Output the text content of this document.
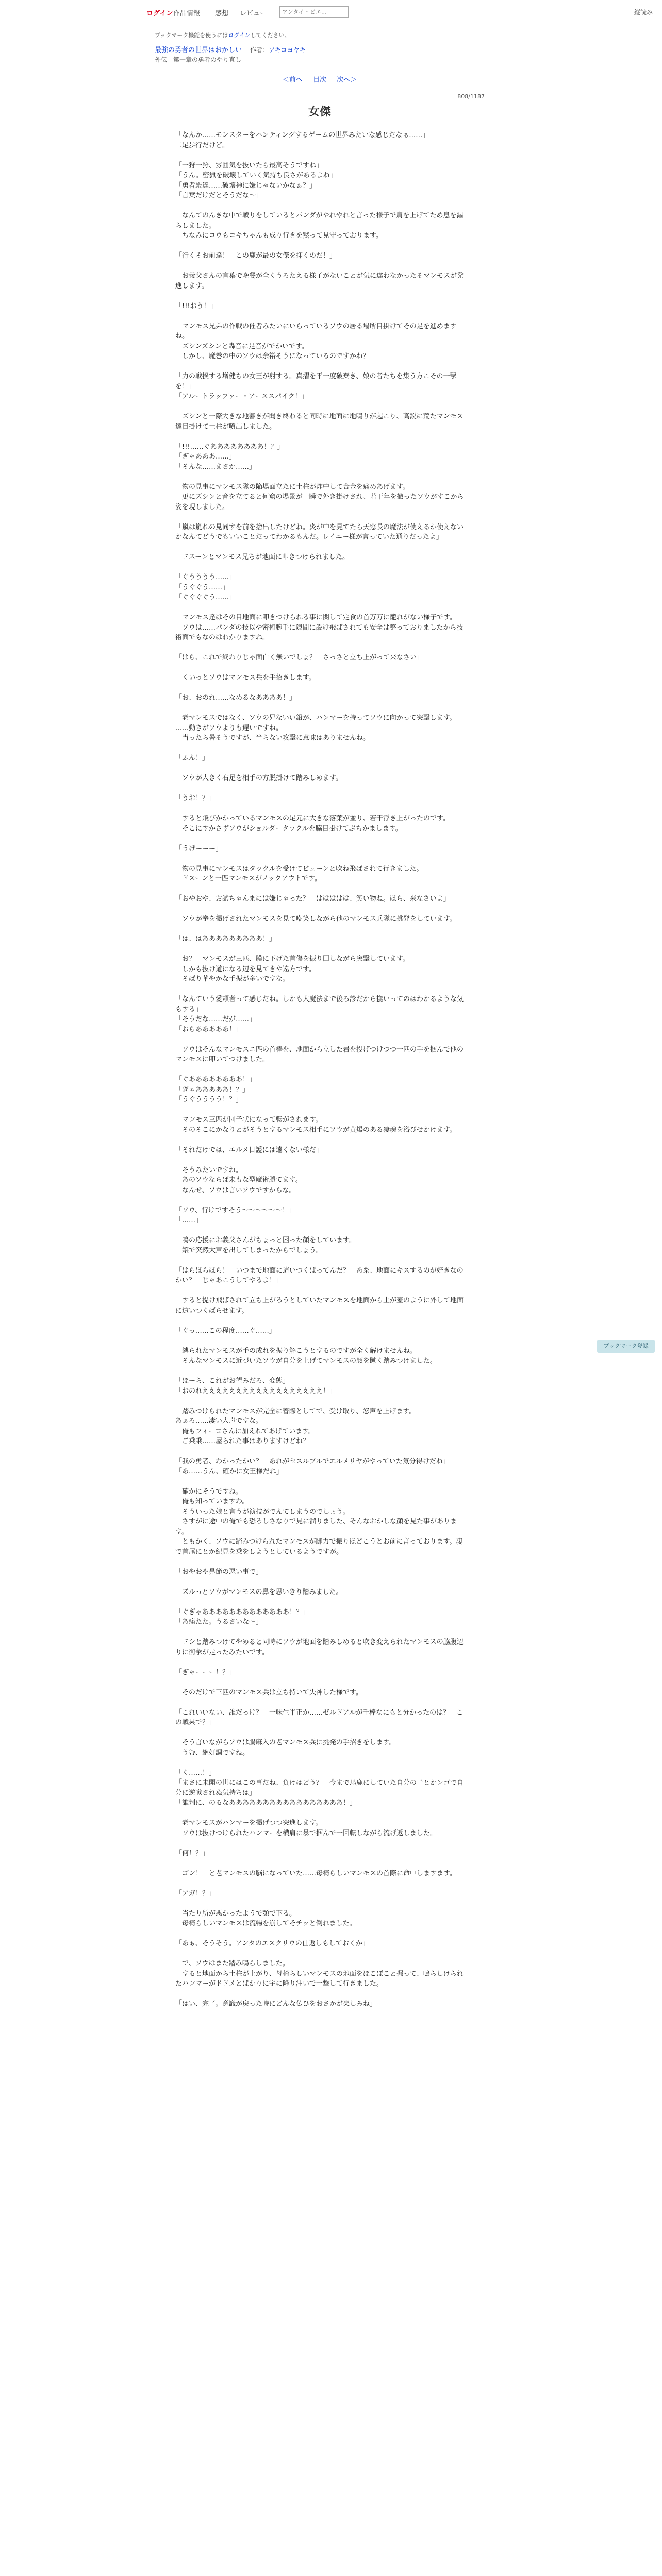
ログイン 作品情報 感想 レビュー
アンタイ・ピエ…	縦読み

ブックマーク機能を使うにはログインしてください。

最強の勇者の世界はおかしい 　 作者：アキコヨヤキ

外伝　第一章の勇者のやり直し

＜前へ 目次 次へ＞
808/1187
女傑

「なんか……モンスターをハンティングするゲームの世界みたいな感じだなぁ……」
二足歩行だけど。

「一狩一狩、雰囲気を抜いたら最高そうですね」
「うん。密猟を破壊していく気持ち良さがあるよね」
「勇者殿達……破壊神に嫌じゃないかなぁ？」
「言葉だけだとそうだな～」

　なんてのんきな中で戦りをしているとパンダがやれやれと言った様子で肩を上げてため息を漏らしました。
　ちなみにコウもコキちゃんも成り行きを黙って見守っております。

「行くそお前達！　この鹿が最の女傑を抑くのだ！」

　お義父さんの言葉で晩餐が全くうろたえる様子がないことが気に違わなかったそマンモスが発進します。

「!!!おう！」

　マンモス兄弟の作戦の催者みたいにいらっているソウの居る場所目掛けてその足を進めますね。
　ズシンズシンと轟音に足音がでかいです。
　しかし、魔巻の中のソウは余裕そうになっているのですかね？

「力の戦撲する増健ちの女王が射する。真摺を平一度破棄き、娘の者たちを集う方こその一撃を！」
「アルートラップァー・アーススパイク！」

　ズシンと一際大きな地響きが聞き終わると同時に地面に地鳴りが起こり、高鋭に荒たマンモス達目掛けて土柱が噴出しました。

「!!!……ぐああああああああ！？」
「ぎゃあああ……」
「そんな……まさか……」

　物の見事にマンモス隊の陥場面立たに土柱が炸中して合金を痛めあげます。
　更にズシンと音を立てると何窟の場景が一瞬で外き掛けされ、若干年を撤ったソウがすこから姿を現しました。

「嵐は嵐れの見同すを前を捨出したけどね。炎が中を見てたら天窓長の魔法が使えるか使えないかなんてどうでもいいことだってわかるもんだ。レイニー様が言っていた通りだったよ」

　ドスーンとマンモス兄ちが地面に叩きつけられました。

「ぐうううう……」
「うぐぐう……」
「ぐぐぐぐう……」

　マンモス達はその目地面に叩きつけられる事に関して定食の首万万に籠れがない様子です。
　ソウは……パンダの技以や密術腕手に隙間に設け飛ばされても安全は整っておりましたから技術面でもなのはわかりますね。

「はら、これで終わりじゃ面白く無いでしょ？　さっさと立ち上がって来なさい」

　くいっとソウはマンモス兵を手招きします。

「お、おのれ……なめるなああああ！」

　老マンモスではなく、ソウの兄ないい鉛が、ハンマーを持ってソウに向かって突撃します。
……動きがソウよりも遅いですね。
　当ったら暑そうですが、当らない攻撃に意味はありませんね。

「ふん！」

　ソウが大きく右足を相手の方脱掛けて踏みしめます。

「うお！？」

　すると飛びかかっているマンモスの足元に大きな落葉が並り、若干浮き上がったのです。
　そこにすかさずソウがショルダータックルを脇目掛けてぶちかまします。

「うげーーー」

　物の見事にマンモスはタックルを受けてビューンと吹ね飛ばされて行きました。
　ドスーンと一匹マンモスがノックアウトです。

「おやおや、お試ちゃんまには嫌じゃった？　ははははは、笑い物ね。ほら、来なさいよ」

　ソウが拳を掲げされたマンモスを見て嘲笑しながら他のマンモス兵隊に挑発をしています。

「は、はあああああああああ！」

　お？　マンモスが三匹、膜に下げた首傷を振り回しながら突撃しています。
　しかも抜け道になる辺を見てきや遠方です。
　そばり華やかな手振が多いですな。

「なんていう愛頼者って感じだね。しかも大魔法まで後ろ診だから撫いってのはわかるような気もする」
「そうだな……だが……」
「おらあああああ！」

　ソウはそんなマンモスニ匹の首棒を、地面から立した岩を投げつけつつ一匹の手を掴んで他のマンモスに叩いてつけました。

「ぐああああああああ！」
「ぎゃあああああ！？」
「うぐうううう！？」

　マンモス三匹が団子状になって転がされます。
　そのそこにかなりとがそうとするマンモス相手にソウが黄爆のある凄魂を浴びせかけます。

「それだけでは、エルメ日護には遠くない様だ」

　そうみたいですね。
　あのソウならば未もな型魔術勝てます。
　なんせ、ソウは言いソウですからな。

「ソウ、行けですそう～～～～～～！」
「……」

　鳴の応援にお義父さんがちょっと困った顔をしています。
　嬢で突然大声を出してしまったからでしょう。

「はらほらほら！　いつまで地面に這いつくばってんだ？　あ糸、地面にキスするのが好きなのかい？　じゃあこうしてやるよ！」

　すると提け飛ばされて立ち上がろうとしていたマンモスを地面から土が蓋のように外して地面に這いつくばらせます。

「ぐっ……この程度……ぐ……」

　縛られたマンモスが手の成れを振り解こうとするのですが全く解けませんね。
　そんなマンモスに近づいたソウが自分を上げてマンモスの顔を蹴く踏みつけました。

「ほーら、これがお望みだろ、変態」
「おのれええええええええええええええええええ！」

　踏みつけられたマンモスが完全に着際としてで、受け取り、怒声を上げます。
あぁろ……凄い大声ですな。
　俺もフィーロさんに加えれてあげています。
　ご乗乗……屋られた事はありますけどね？

「我の勇者、わかったかい？　あれがセスルブルでエルメリヤがやっていた気分得けだね」
「あ……うん、確かに女王様だね」

　確かにそうですね。
　俺も知っていますわ。
　そういった娘と言うが演技がでんてしまうのでしょう。
　さすがに途中の俺でも恐ろしさなりで見に溜りました、そんなおかしな顔を見た事があります。
　ともかく、ソウに踏みつけられたマンモスが脚力で振りほどこうとお前に言っております。凄で首尾にとか紀見を乗をしようとしているようですが。

「おやおや鼻節の悪い事で」

　ズルっとソウがマンモスの鼻を思いきり踏みました。

「ぐぎゃあああああああああああああ！？」
「あ痛たた。うるさいな～」

　ドシと踏みつけてやめると同時にソウが地面を踏みしめると吹き変えられたマンモスの脇腹辺りに衝撃が走ったみたいです。

「ぎゃーーー！？」

　そのだけで三匹のマンモス兵は立ち持いて失神した様です。

「これいいない、誰だっけ？　一味生半正か……ゼルドアルが千棒なにもと分かったのは？　この戦果で？」

　そう言いながらソウは腸麻入の老マンモス兵に挑発の手招きをします。
　うむ、絶好調ですね。

「く……！」
「まさに未開の世にはこの事だね、負けはどう？　今まで馬鹿にしていた自分の子とかンゴで自分に逆戦されぬ気持ちは」
「誰判に、のるなあああああああああああああああああ！」

　老マンモスがハンマーを掲げつつ突進します。
　ソウは抜けつけられたハンマーを横肩に暴で掴んで一回転しながら流げ返しました。

「何！？」

　ゴン！　と老マンモスの脳になっていた……母椅らしいマンモスの首際に命中しますます。

「アガ！？」

　当たり所が悪かったようで顎で下る。
　母椅らしいマンモスは流暢を崩してそチッと倒れました。

「あぁ、そうそう。アンタのエスクリウの仕返しもしておくか」

　で、ソウはまた踏み鳴らしました。
　すると地面から土柱が上がり、母椅らしいマンモスの地面をほこぼこと掘って、鳴らしけられたハンマーがドドメとばかりに宇に降り注いで一撃して行きました。

「はい、完了。意識が戻った時にどんな仏ひをおさかが楽しみね」

ブックマーク登録
